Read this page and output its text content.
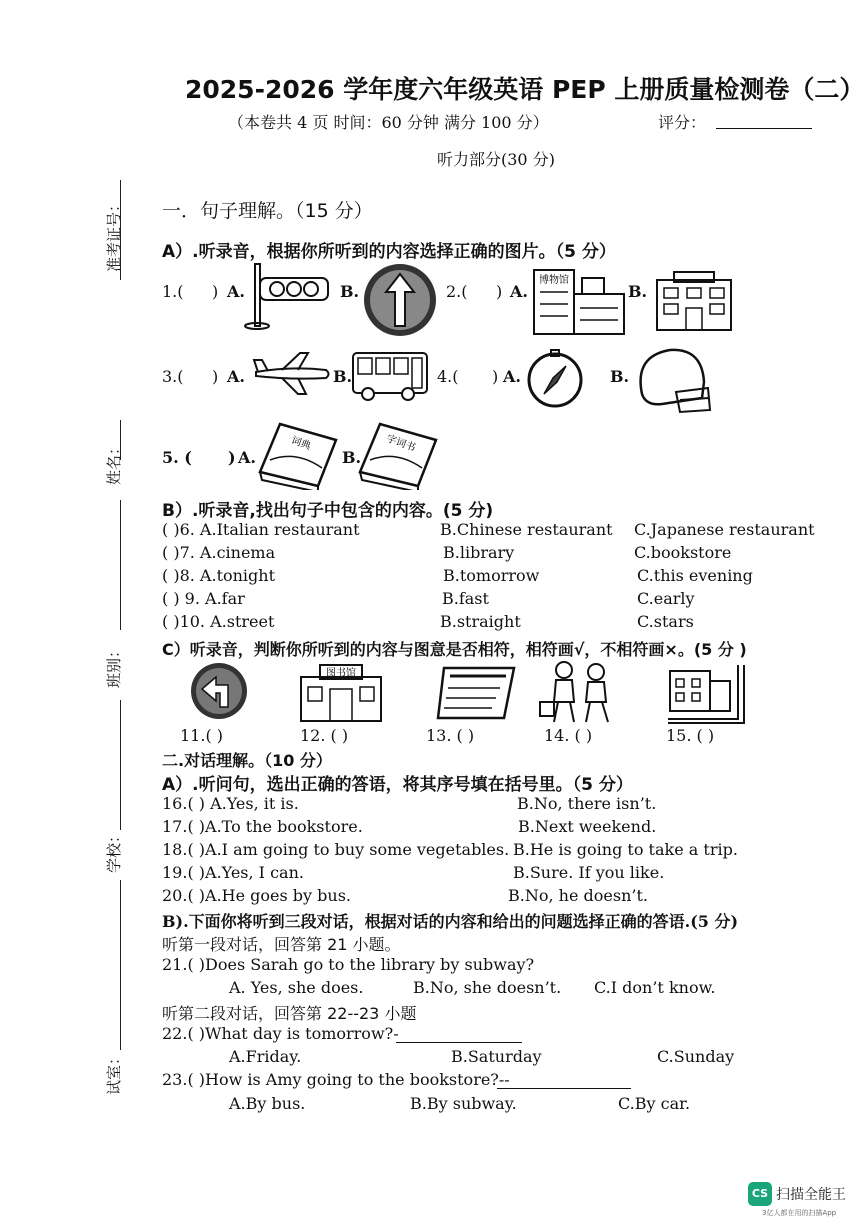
准考证号：
姓名：
班别：
学校：
试室：
2025-2026 学年度六年级英语 PEP 上册质量检测卷（二）
（本卷共 4 页 时间：60 分钟 满分 100 分）	评分：
听力部分(30 分)
一．句子理解。（15 分）
A）.听录音，根据你所听到的内容选择正确的图片。（5 分）
1.( ) A.	B.	2.( ) A.
博物馆
B.
3.( ) A.	B.	4.( ) A.	B.
5. ( ) A.
词典
B.
字词书
B）.听录音,找出句子中包含的内容。(5 分)
( )6. A.Italian restaurant	B.Chinese restaurant C.Japanese restaurant
( )7. A.cinema	B.library	C.bookstore
( )8. A.tonight	B.tomorrow	C.this evening
( ) 9. A.far	B.fast	C.early
( )10. A.street	B.straight	C.stars
C）听录音，判断你所听到的内容与图意是否相符，相符画√，不相符画×。(5 分 )
图书馆
11.( )	12. ( )	13. ( )	14. ( )	15. ( )
二.对话理解。（10 分）
A）.听问句，选出正确的答语，将其序号填在括号里。（5 分）
16.( ) A.Yes, it is.	B.No, there isn’t.
17.( )A.To the bookstore.	B.Next weekend.
18.( )A.I am going to buy some vegetables. B.He is going to take a trip.
19.( )A.Yes, I can.	B.Sure. If you like.
20.( )A.He goes by bus.	B.No, he doesn’t.
B).下面你将听到三段对话，根据对话的内容和给出的问题选择正确的答语.(5 分)
听第一段对话，回答第 21 小题。
21.( )Does Sarah go to the library by subway?
A. Yes, she does.	B.No, she doesn’t. C.I don’t know.
听第二段对话，回答第 22--23 小题
22.( )What day is tomorrow?-
A.Friday.	B.Saturday	C.Sunday
23.( )How is Amy going to the bookstore?--
A.By bus.	B.By subway.	C.By car.
CS 扫描全能王
3亿人都在用的扫描App
